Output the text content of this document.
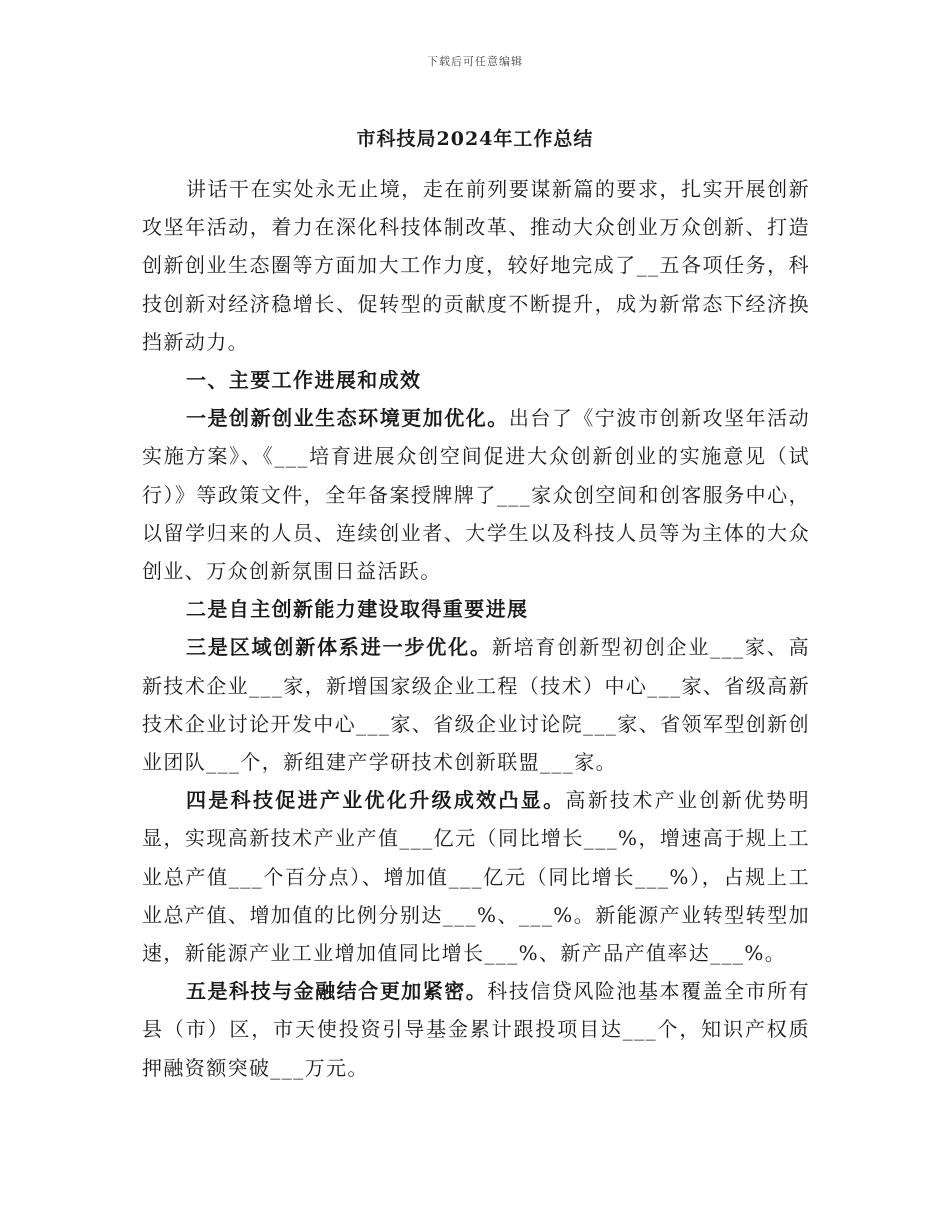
下载后可任意编辑
市科技局2024年工作总结

讲话干在实处永无止境，走在前列要谋新篇的要求，扎实开展创新攻坚年活动，着力在深化科技体制改革、推动大众创业万众创新、打造创新创业生态圈等方面加大工作力度，较好地完成了__五各项任务，科技创新对经济稳增长、促转型的贡献度不断提升，成为新常态下经济换挡新动力。

一、主要工作进展和成效

一是创新创业生态环境更加优化。出台了《宁波市创新攻坚年活动实施方案》、《___培育进展众创空间促进大众创新创业的实施意见（试行）》等政策文件，全年备案授牌牌了___家众创空间和创客服务中心，以留学归来的人员、连续创业者、大学生以及科技人员等为主体的大众创业、万众创新氛围日益活跃。

二是自主创新能力建设取得重要进展

三是区域创新体系进一步优化。新培育创新型初创企业___家、高新技术企业___家，新增国家级企业工程（技术）中心___家、省级高新技术企业讨论开发中心___家、省级企业讨论院___家、省领军型创新创业团队___个，新组建产学研技术创新联盟___家。

四是科技促进产业优化升级成效凸显。高新技术产业创新优势明显，实现高新技术产业产值___亿元（同比增长___%，增速高于规上工业总产值___个百分点）、增加值___亿元（同比增长___%），占规上工业总产值、增加值的比例分别达___%、___%。新能源产业转型转型加速，新能源产业工业增加值同比增长___%、新产品产值率达___%。

五是科技与金融结合更加紧密。科技信贷风险池基本覆盖全市所有县（市）区，市天使投资引导基金累计跟投项目达___个，知识产权质押融资额突破___万元。
